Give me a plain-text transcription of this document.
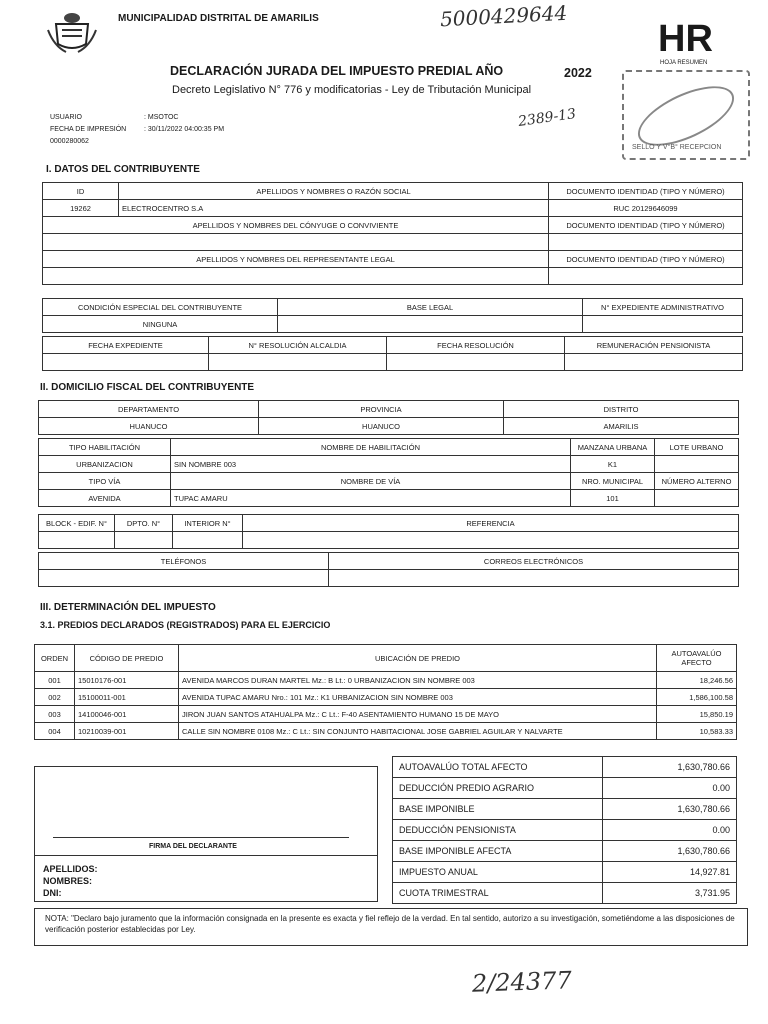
MUNICIPALIDAD DISTRITAL DE AMARILIS	5000429644
HR
HOJA RESUMEN
DECLARACIÓN JURADA DEL IMPUESTO PREDIAL AÑO	2022
Decreto Legislativo N° 776 y modificatorias - Ley de Tributación Municipal
SELLO Y V°B° RECEPCION
2389-13
USUARIO	: MSOTOC
FECHA DE IMPRESIÓN	: 30/11/2022 04:00:35 PM
0000280062
I. DATOS DEL CONTRIBUYENTE
ID	APELLIDOS Y NOMBRES O RAZÓN SOCIAL	DOCUMENTO IDENTIDAD (TIPO Y NÚMERO)
19262	ELECTROCENTRO S.A	RUC 20129646099
APELLIDOS Y NOMBRES DEL CÓNYUGE O CONVIVIENTE		DOCUMENTO IDENTIDAD (TIPO Y NÚMERO)

APELLIDOS Y NOMBRES DEL REPRESENTANTE LEGAL		DOCUMENTO IDENTIDAD (TIPO Y NÚMERO)

CONDICIÓN ESPECIAL DEL CONTRIBUYENTE	BASE LEGAL	N° EXPEDIENTE ADMINISTRATIVO
NINGUNA		
FECHA EXPEDIENTE	N° RESOLUCIÓN ALCALDIA	FECHA RESOLUCIÓN	REMUNERACIÓN PENSIONISTA

II. DOMICILIO FISCAL DEL CONTRIBUYENTE
DEPARTAMENTO	PROVINCIA	DISTRITO
HUANUCO	HUANUCO	AMARILIS
TIPO HABILITACIÓN	NOMBRE DE HABILITACIÓN	MANZANA URBANA	LOTE URBANO
URBANIZACION	SIN NOMBRE 003	K1	
TIPO VÍA	NOMBRE DE VÍA	NRO. MUNICIPAL	NÚMERO ALTERNO
AVENIDA	TUPAC AMARU	101	
BLOCK - EDIF. N°	DPTO. N°	INTERIOR N°	REFERENCIA

TELÉFONOS	CORREOS ELECTRÓNICOS

III. DETERMINACIÓN DEL IMPUESTO
3.1. PREDIOS DECLARADOS (REGISTRADOS) PARA EL EJERCICIO
ORDEN	CÓDIGO DE PREDIO	UBICACIÓN DE PREDIO	AUTOAVALÚO AFECTO
001	15010176-001	AVENIDA MARCOS DURAN MARTEL Mz.: B Lt.: 0 URBANIZACION SIN NOMBRE 003	18,246.56
002	15100011-001	AVENIDA TUPAC AMARU Nro.: 101 Mz.: K1 URBANIZACION SIN NOMBRE 003	1,586,100.58
003	14100046-001	JIRON JUAN SANTOS ATAHUALPA Mz.: C Lt.: F-40 ASENTAMIENTO HUMANO 15 DE MAYO	15,850.19
004	10210039-001	CALLE SIN NOMBRE 0108 Mz.: C Lt.: SIN CONJUNTO HABITACIONAL JOSE GABRIEL AGUILAR Y NALVARTE	10,583.33
FIRMA DEL DECLARANTE
APELLIDOS:
NOMBRES:
DNI:
AUTOAVALÚO TOTAL AFECTO	1,630,780.66
DEDUCCIÓN PREDIO AGRARIO	0.00
BASE IMPONIBLE	1,630,780.66
DEDUCCIÓN PENSIONISTA	0.00
BASE IMPONIBLE AFECTA	1,630,780.66
IMPUESTO ANUAL	14,927.81
CUOTA TRIMESTRAL	3,731.95
NOTA: "Declaro bajo juramento que la información consignada en la presente es exacta y fiel reflejo de la verdad. En tal sentido, autorizo a su investigación, sometiéndome a las disposiciones de verificación posterior establecidas por Ley.
2/24377
